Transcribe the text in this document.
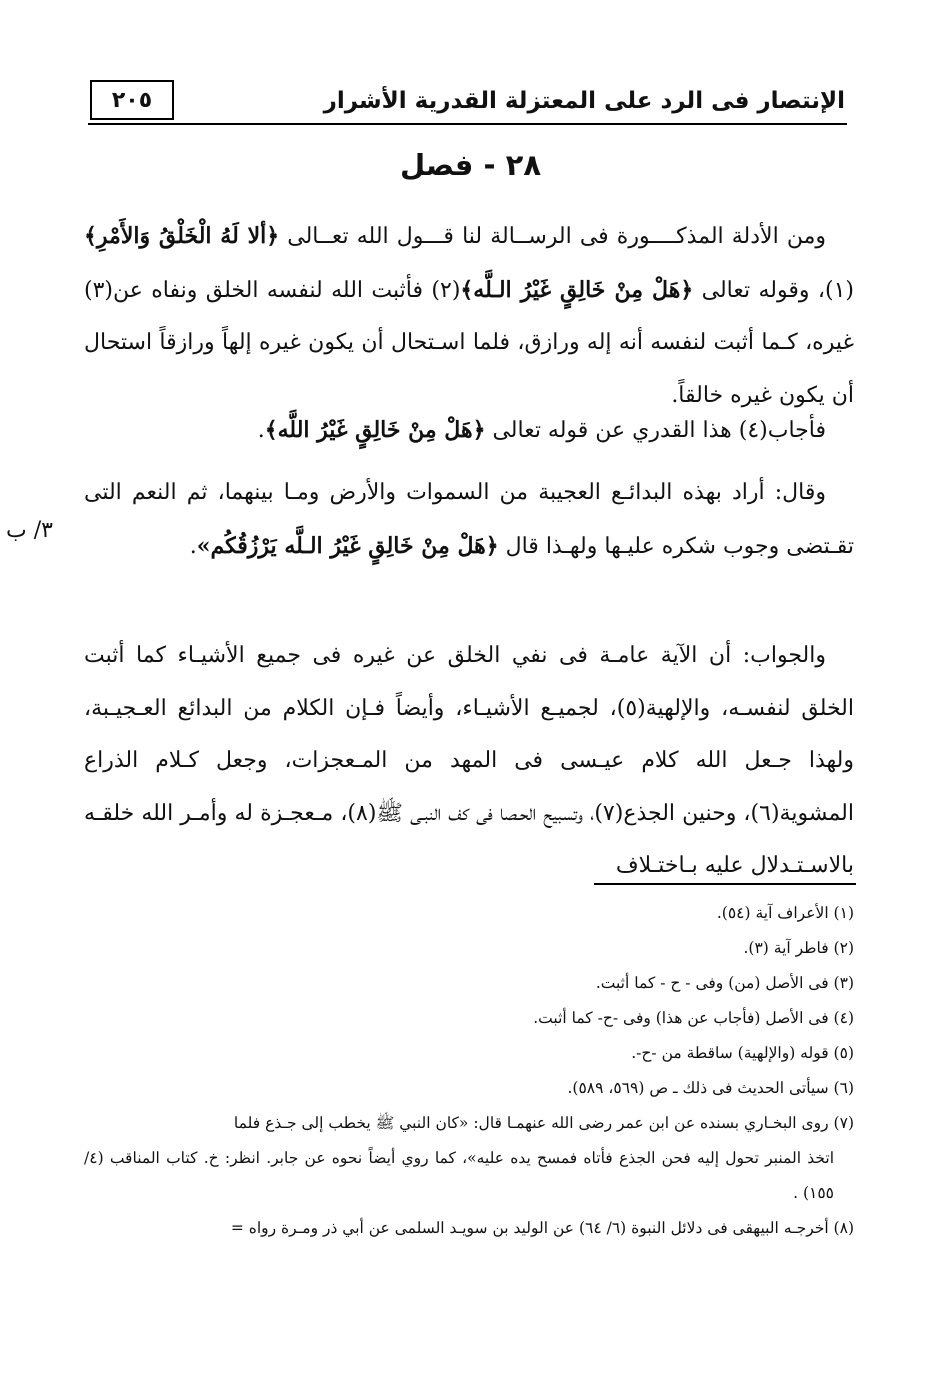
الإنتصار فى الرد على المعتزلة القدرية الأشرار
٢٠٥
٢٨ - فصل

ومن الأدلة المذكــــورة فى الرســالة لنا قـــول الله تعــالى ﴿ألا لَهُ الْخَلْقُ وَالأَمْرِ﴾(١)، وقوله تعالى ﴿هَلْ مِنْ خَالِقٍ غَيْرُ الـلَّه﴾(٢) فأثبت الله لنفسه الخلق ونفاه عن(٣) غيره، كـما أثبت لنفسه أنه إله ورازق، فلما اسـتحال أن يكون غيره إلهاً ورازقاً استحال أن يكون غيره خالقاً.

فأجاب(٤) هذا القدري عن قوله تعالى ﴿هَلْ مِنْ خَالِقٍ غَيْرُ اللَّه﴾.

وقال: أراد بهذه البدائـع العجيبة من السموات والأرض ومـا بينهما، ثم النعم التى تقـتضى وجوب شكره عليـها ولهـذا قال ﴿هَلْ مِنْ خَالِقٍ غَيْرُ الـلَّه يَرْزُقُكُم».

٣/ ب

والجواب: أن الآية عامـة فى نفي الخلق عن غيره فى جميع الأشيـاء كما أثبت الخلق لنفسـه، والإلهية(٥)، لجميـع الأشيـاء، وأيضاً فـإن الكلام من البدائع العـجيـبة، ولهذا جـعل الله كلام عيـسى فى المهد من المـعجزات، وجعل كـلام الذراع المشوية(٦)، وحنين الجذع(٧)، وتسبيح الحـصا فى كف النبـى ﷺ(٨)، مـعجـزة له وأمـر الله خلقـه بالاسـتـدلال عليه بـاختـلاف

(١) الأعراف آية (٥٤).

(٢) فاطر آية (٣).

(٣) فى الأصل (من) وفى - ح - كما أثبت.

(٤) فى الأصل (فأجاب عن هذا) وفى -ح- كما أثبت.

(٥) قوله (والإلهية) ساقطة من -ح-.

(٦) سيأتى الحديث فى ذلك ـ ص (٥٦٩، ٥٨٩).

(٧) روى البخـاري بسنده عن ابن عمر رضى الله عنهمـا قال: «كان النبي ﷺ يخطب إلى جـذع فلما
اتخذ المنبر تحول إليه فحن الجذع فأتاه فمسح يده عليه»، كما روي أيضاً نحوه عن جابر. انظر: خ. كتاب المناقب (٤/ ١٥٥) .

(٨) أخرجـه البيهقى فى دلائل النبوة (٦/ ٦٤) عن الوليد بن سويـد السلمى عن أبي ذر ومـرة رواه =
